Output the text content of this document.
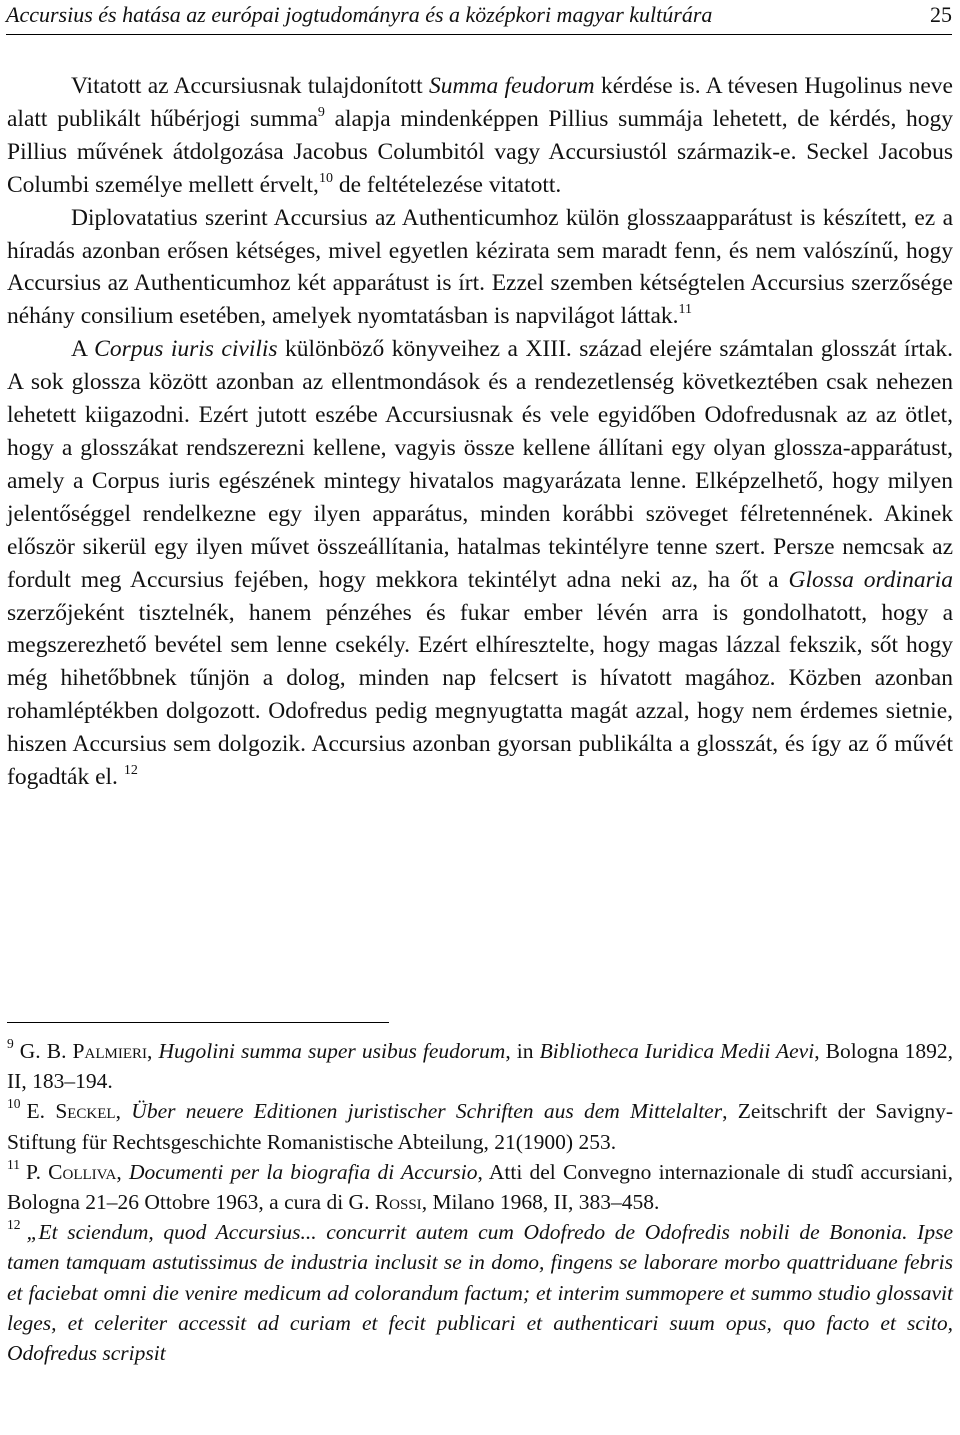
Accursius és hatása az európai jogtudományra és a középkori magyar kultúrára	25

Vitatott az Accursiusnak tulajdonított Summa feudorum kérdése is. A tévesen Hugolinus neve alatt publikált hűbérjogi summa$^9$ alapja mindenképpen Pillius summája lehetett, de kérdés, hogy Pillius művének átdolgozása Jacobus Columbitól vagy Accursiustól származik-e. Seckel Jacobus Columbi személye mellett érvelt,$^{10}$ de feltételezése vitatott.

Diplovatatius szerint Accursius az Authenticumhoz külön glosszaapparátust is készített, ez a híradás azonban erősen kétséges, mivel egyetlen kézirata sem maradt fenn, és nem valószínű, hogy Accursius az Authenticumhoz két apparátust is írt. Ezzel szemben kétségtelen Accursius szerzősége néhány consilium esetében, amelyek nyomtatásban is napvilágot láttak.$^{11}$

A Corpus iuris civilis különböző könyveihez a XIII. század elejére számtalan glosszát írtak. A sok glossza között azonban az ellentmondások és a rendezetlenség következtében csak nehezen lehetett kiigazodni. Ezért jutott eszébe Accursiusnak és vele egyidőben Odofredusnak az az ötlet, hogy a glosszákat rendszerezni kellene, vagyis össze kellene állítani egy olyan glossza-apparátust, amely a Corpus iuris egészének mintegy hivatalos magyarázata lenne. Elképzelhető, hogy milyen jelentőséggel rendelkezne egy ilyen apparátus, minden korábbi szöveget félretennének. Akinek először sikerül egy ilyen művet összeállítania, hatalmas tekintélyre tenne szert. Persze nemcsak az fordult meg Accursius fejében, hogy mekkora tekintélyt adna neki az, ha őt a Glossa ordinaria szerzőjeként tisztelnék, hanem pénzéhes és fukar ember lévén arra is gondolhatott, hogy a megszerezhető bevétel sem lenne csekély. Ezért elhíresztelte, hogy magas lázzal fekszik, sőt hogy még hihetőbbnek tűnjön a dolog, minden nap felcsert is hívatott magához. Közben azonban rohamléptékben dolgozott. Odofredus pedig megnyugtatta magát azzal, hogy nem érdemes sietnie, hiszen Accursius sem dolgozik. Accursius azonban gyorsan publikálta a glosszát, és így az ő művét fogadták el. $^{12}$

$^9$ G. B. Palmieri, Hugolini summa super usibus feudorum, in Bibliotheca Iuridica Medii Aevi, Bologna 1892, II, 183–194.

$^{10}$ E. Seckel, Über neuere Editionen juristischer Schriften aus dem Mittelalter, Zeitschrift der Savigny-Stiftung für Rechtsgeschichte Romanistische Abteilung, 21(1900) 253.

$^{11}$ P. Colliva, Documenti per la biografia di Accursio, Atti del Convegno internazionale di studî accursiani, Bologna 21–26 Ottobre 1963, a cura di G. Rossi, Milano 1968, II, 383–458.

$^{12}$ „Et sciendum, quod Accursius... concurrit autem cum Odofredo de Odofredis nobili de Bononia. Ipse tamen tamquam astutissimus de industria inclusit se in domo, fingens se laborare morbo quattriduane febris et faciebat omni die venire medicum ad colorandum factum; et interim summopere et summo studio glossavit leges, et celeriter accessit ad curiam et fecit publicari et authenticari suum opus, quo facto et scito, Odofredus scripsit
